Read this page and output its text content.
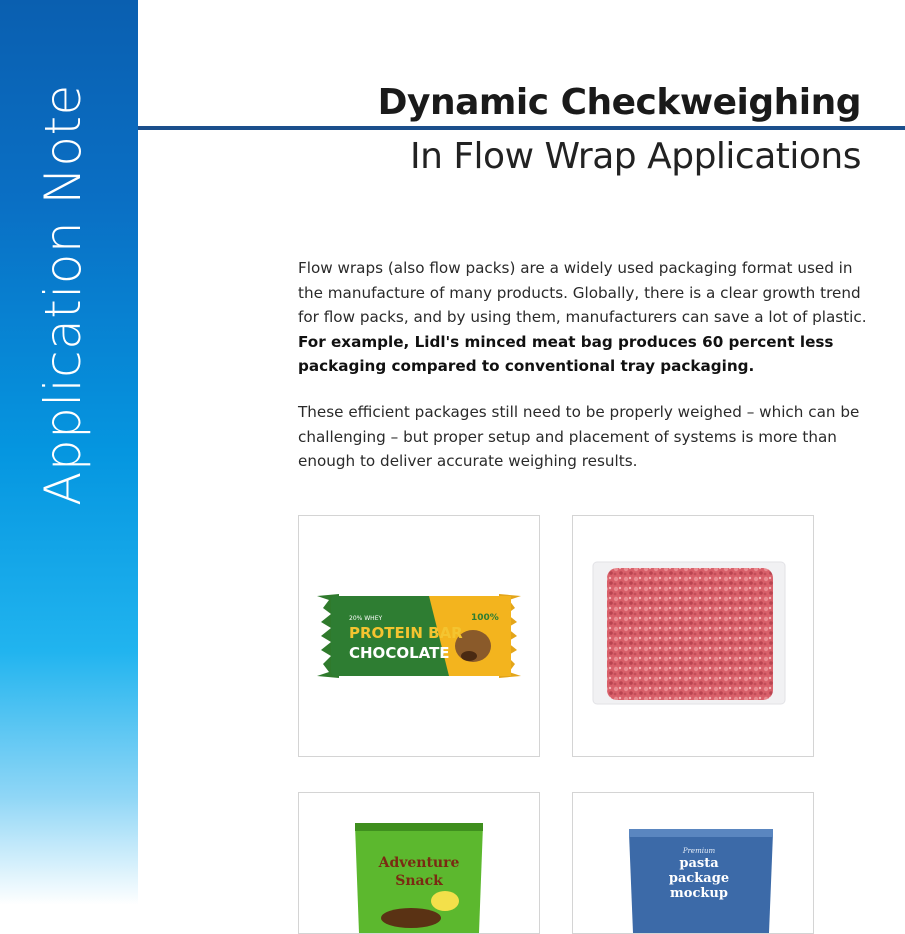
Application Note	Dynamic Checkweighing
In Flow Wrap Applications

Flow wraps (also flow packs) are a widely used packaging format used in the manufacture of many products. Globally, there is a clear growth trend for flow packs, and by using them, manufacturers can save a lot of plastic.
For example, Lidl's minced meat bag produces 60 percent less packaging compared to conventional tray packaging.

These efficient packages still need to be properly weighed – which can be challenging – but proper setup and placement of systems is more than enough to deliver accurate weighing results.

20% WHEY
PROTEIN BAR
CHOCOLATE
100%
Adventure
Snack
Premium
pasta
package
mockup
